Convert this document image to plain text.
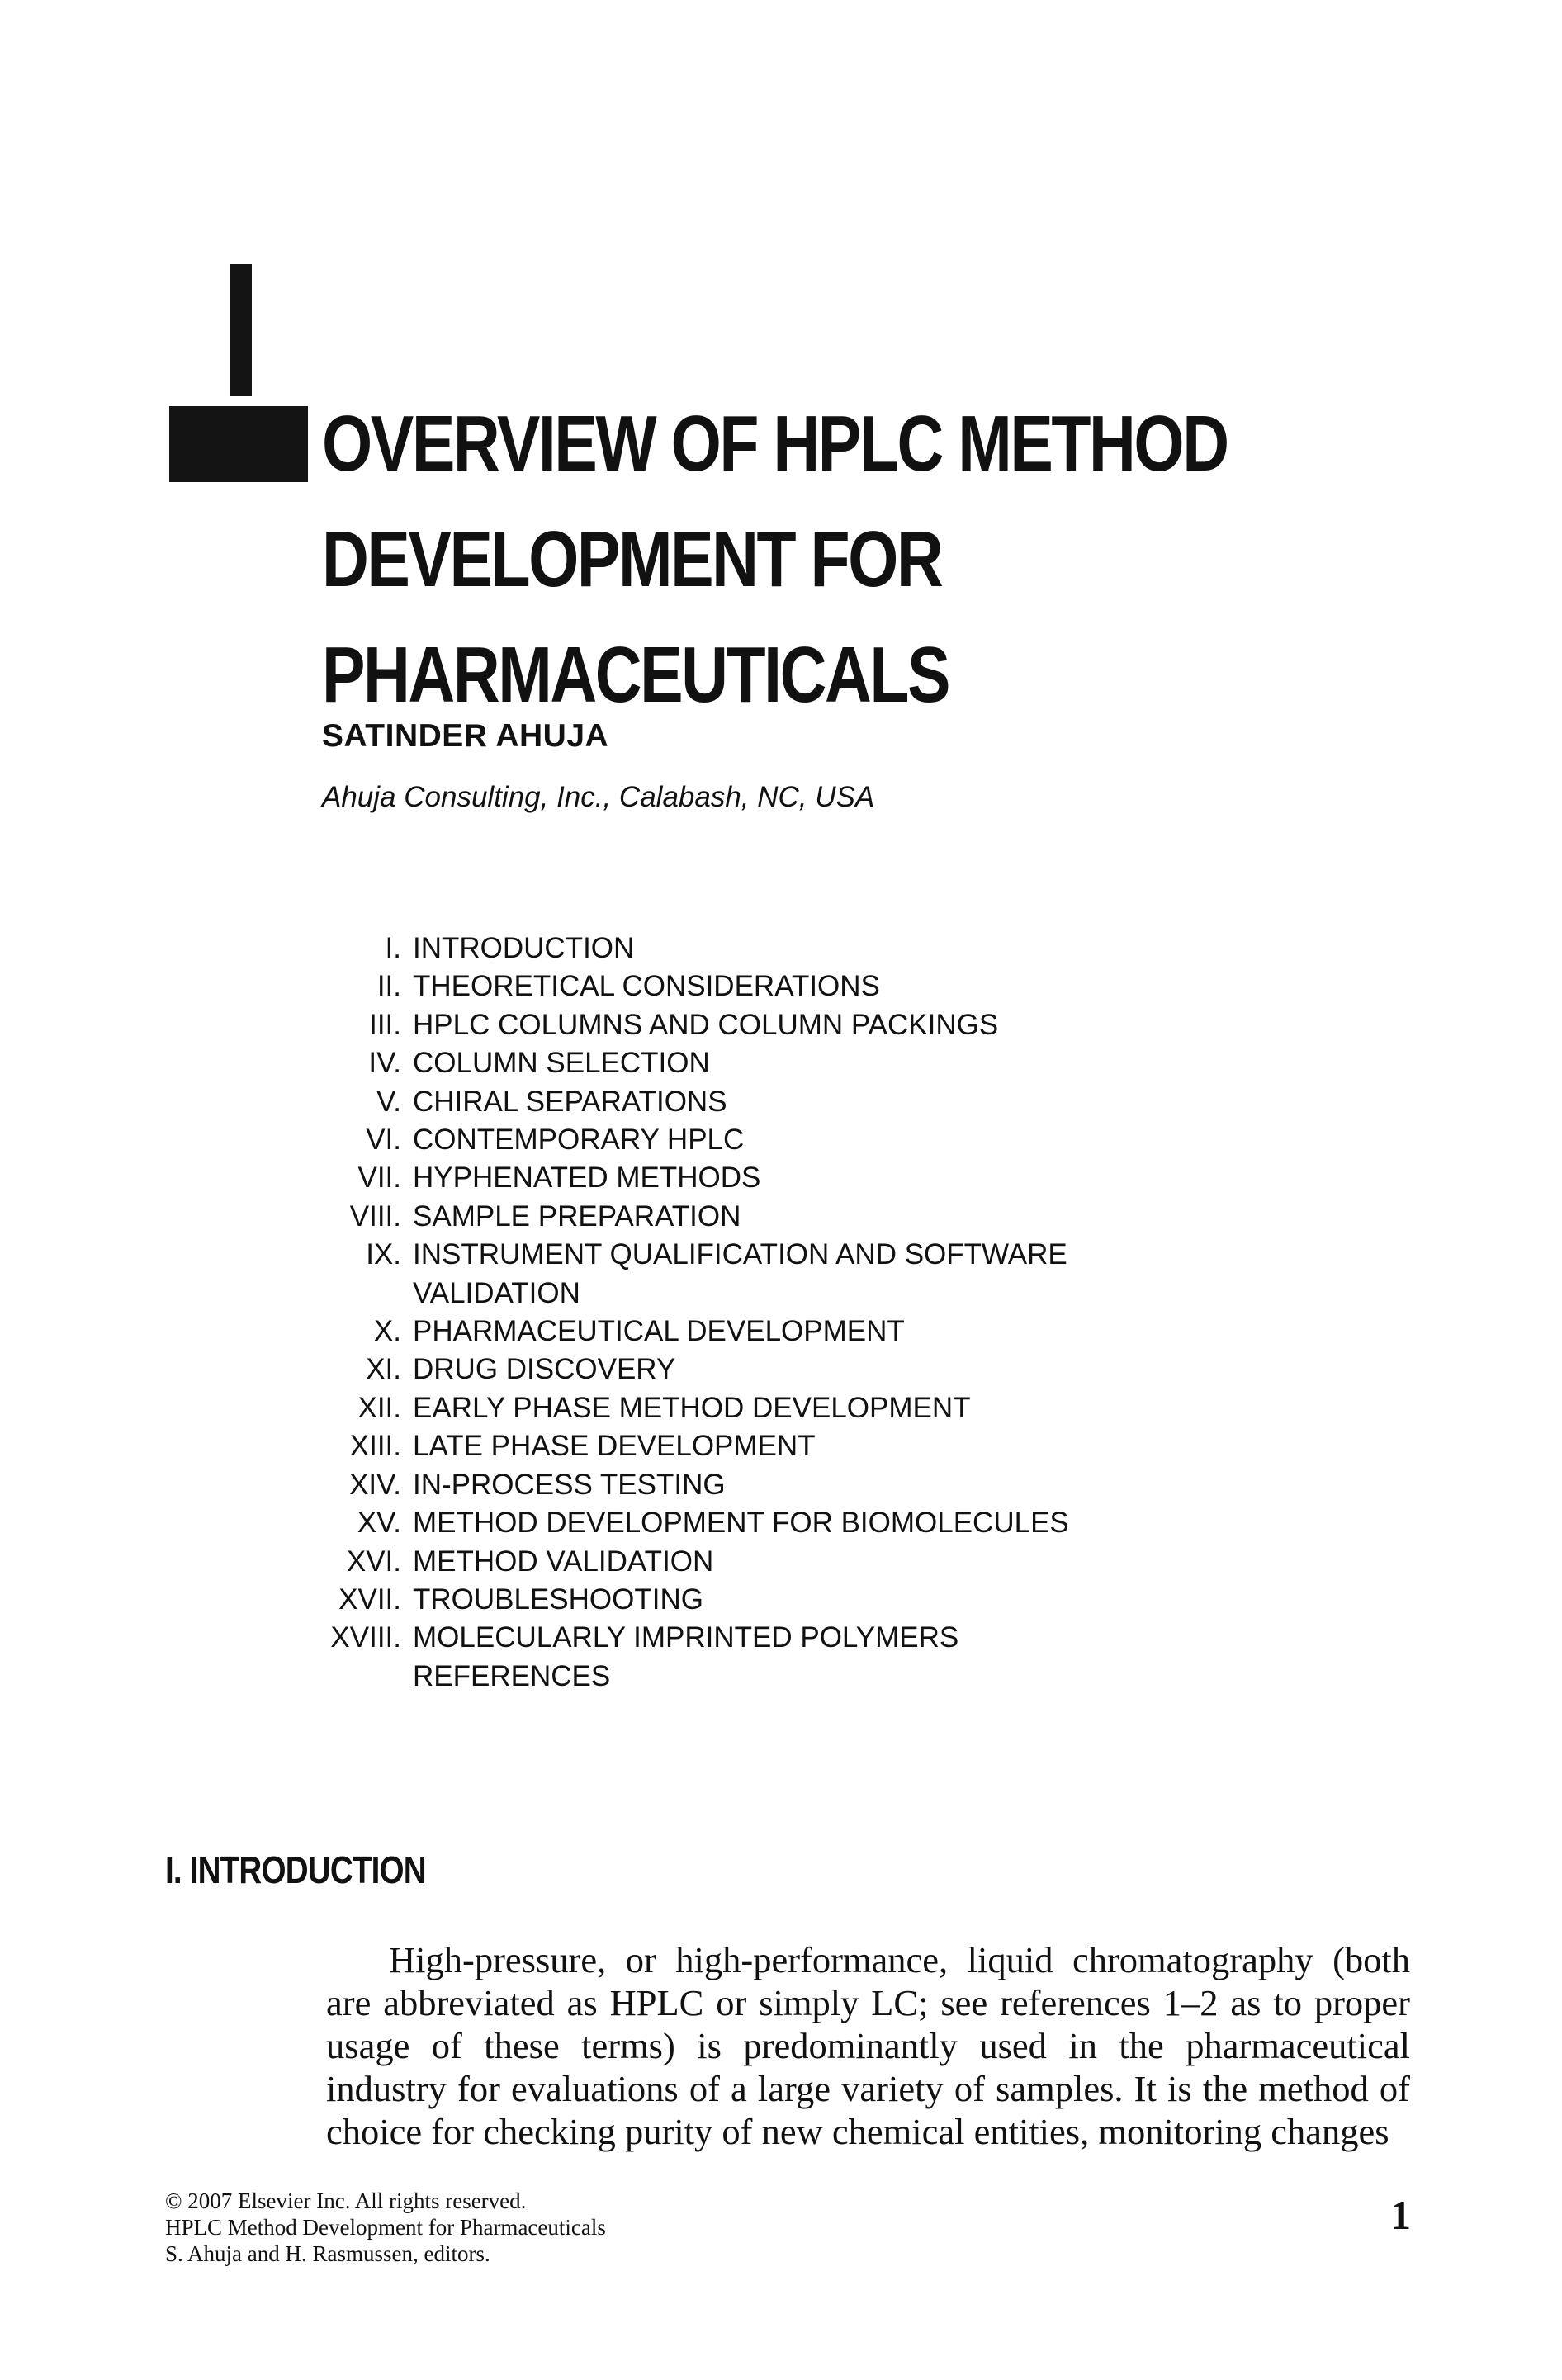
OVERVIEW OF HPLC METHOD
DEVELOPMENT FOR
PHARMACEUTICALS
SATINDER AHUJA
Ahuja Consulting, Inc., Calabash, NC, USA
I. INTRODUCTION
II. THEORETICAL CONSIDERATIONS
III. HPLC COLUMNS AND COLUMN PACKINGS
IV. COLUMN SELECTION
V. CHIRAL SEPARATIONS
VI. CONTEMPORARY HPLC
VII. HYPHENATED METHODS
VIII. SAMPLE PREPARATION
IX. INSTRUMENT QUALIFICATION AND SOFTWARE
VALIDATION
X. PHARMACEUTICAL DEVELOPMENT
XI. DRUG DISCOVERY
XII. EARLY PHASE METHOD DEVELOPMENT
XIII. LATE PHASE DEVELOPMENT
XIV. IN-PROCESS TESTING
XV. METHOD DEVELOPMENT FOR BIOMOLECULES
XVI. METHOD VALIDATION
XVII. TROUBLESHOOTING
XVIII. MOLECULARLY IMPRINTED POLYMERS
REFERENCES
I. INTRODUCTION

High-pressure, or high-performance, liquid chromatography (both are abbreviated as HPLC or simply LC; see references 1–2 as to proper usage of these terms) is predominantly used in the pharmaceutical industry for evaluations of a large variety of samples. It is the method of choice for checking purity of new chemical entities, monitoring changes

© 2007 Elsevier Inc. All rights reserved.
HPLC Method Development for Pharmaceuticals
S. Ahuja and H. Rasmussen, editors.
1
